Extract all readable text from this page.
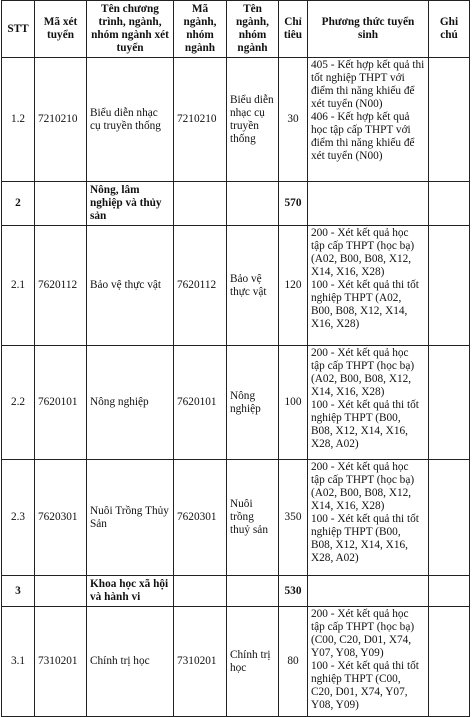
STT	Mã xét tuyển	Tên chương trình, ngành, nhóm ngành xét tuyển	Mã ngành, nhóm ngành	Tên ngành, nhóm ngành	Chỉ tiêu	Phương thức tuyển sinh	Ghi chú
1.2	7210210	Biểu diễn nhạc cụ truyền thống	7210210	Biểu diễn nhạc cụ truyền thống	30	405 - Kết hợp kết quả thi tốt nghiệp THPT với điểm thi năng khiếu để xét tuyển (N00)
406 - Kết hợp kết quả học tập cấp THPT với điểm thi năng khiếu để xét tuyển (N00)	

2		Nông, lâm nghiệp và thủy sản			570		
2.1	7620112	Bảo vệ thực vật	7620112	Bảo vệ thực vật	120	200 - Xét kết quả học tập cấp THPT (học bạ) (A02, B00, B08, X12, X14, X16, X28)
100 - Xét kết quả thi tốt nghiệp THPT (A02, B00, B08, X12, X14, X16, X28)	

2.2	7620101	Nông nghiệp	7620101	Nông nghiệp	100	200 - Xét kết quả học tập cấp THPT (học bạ) (A02, B00, B08, X12, X14, X16, X28)
100 - Xét kết quả thi tốt nghiệp THPT (B00, B08, X12, X14, X16, X28, A02)	

2.3	7620301	Nuôi Trồng Thủy Sản	7620301	Nuôi trồng thuỷ sản	350	200 - Xét kết quả học tập cấp THPT (học bạ) (A02, B00, B08, X12, X14, X16, X28)
100 - Xét kết quả thi tốt nghiệp THPT (B00, B08, X12, X14, X16, X28, A02)	

3		Khoa học xã hội và hành vi			530		
3.1	7310201	Chính trị học	7310201	Chính trị học	80	200 - Xét kết quả học tập cấp THPT (học bạ) (C00, C20, D01, X74, Y07, Y08, Y09)
100 - Xét kết quả thi tốt nghiệp THPT (C00, C20, D01, X74, Y07, Y08, Y09)	
